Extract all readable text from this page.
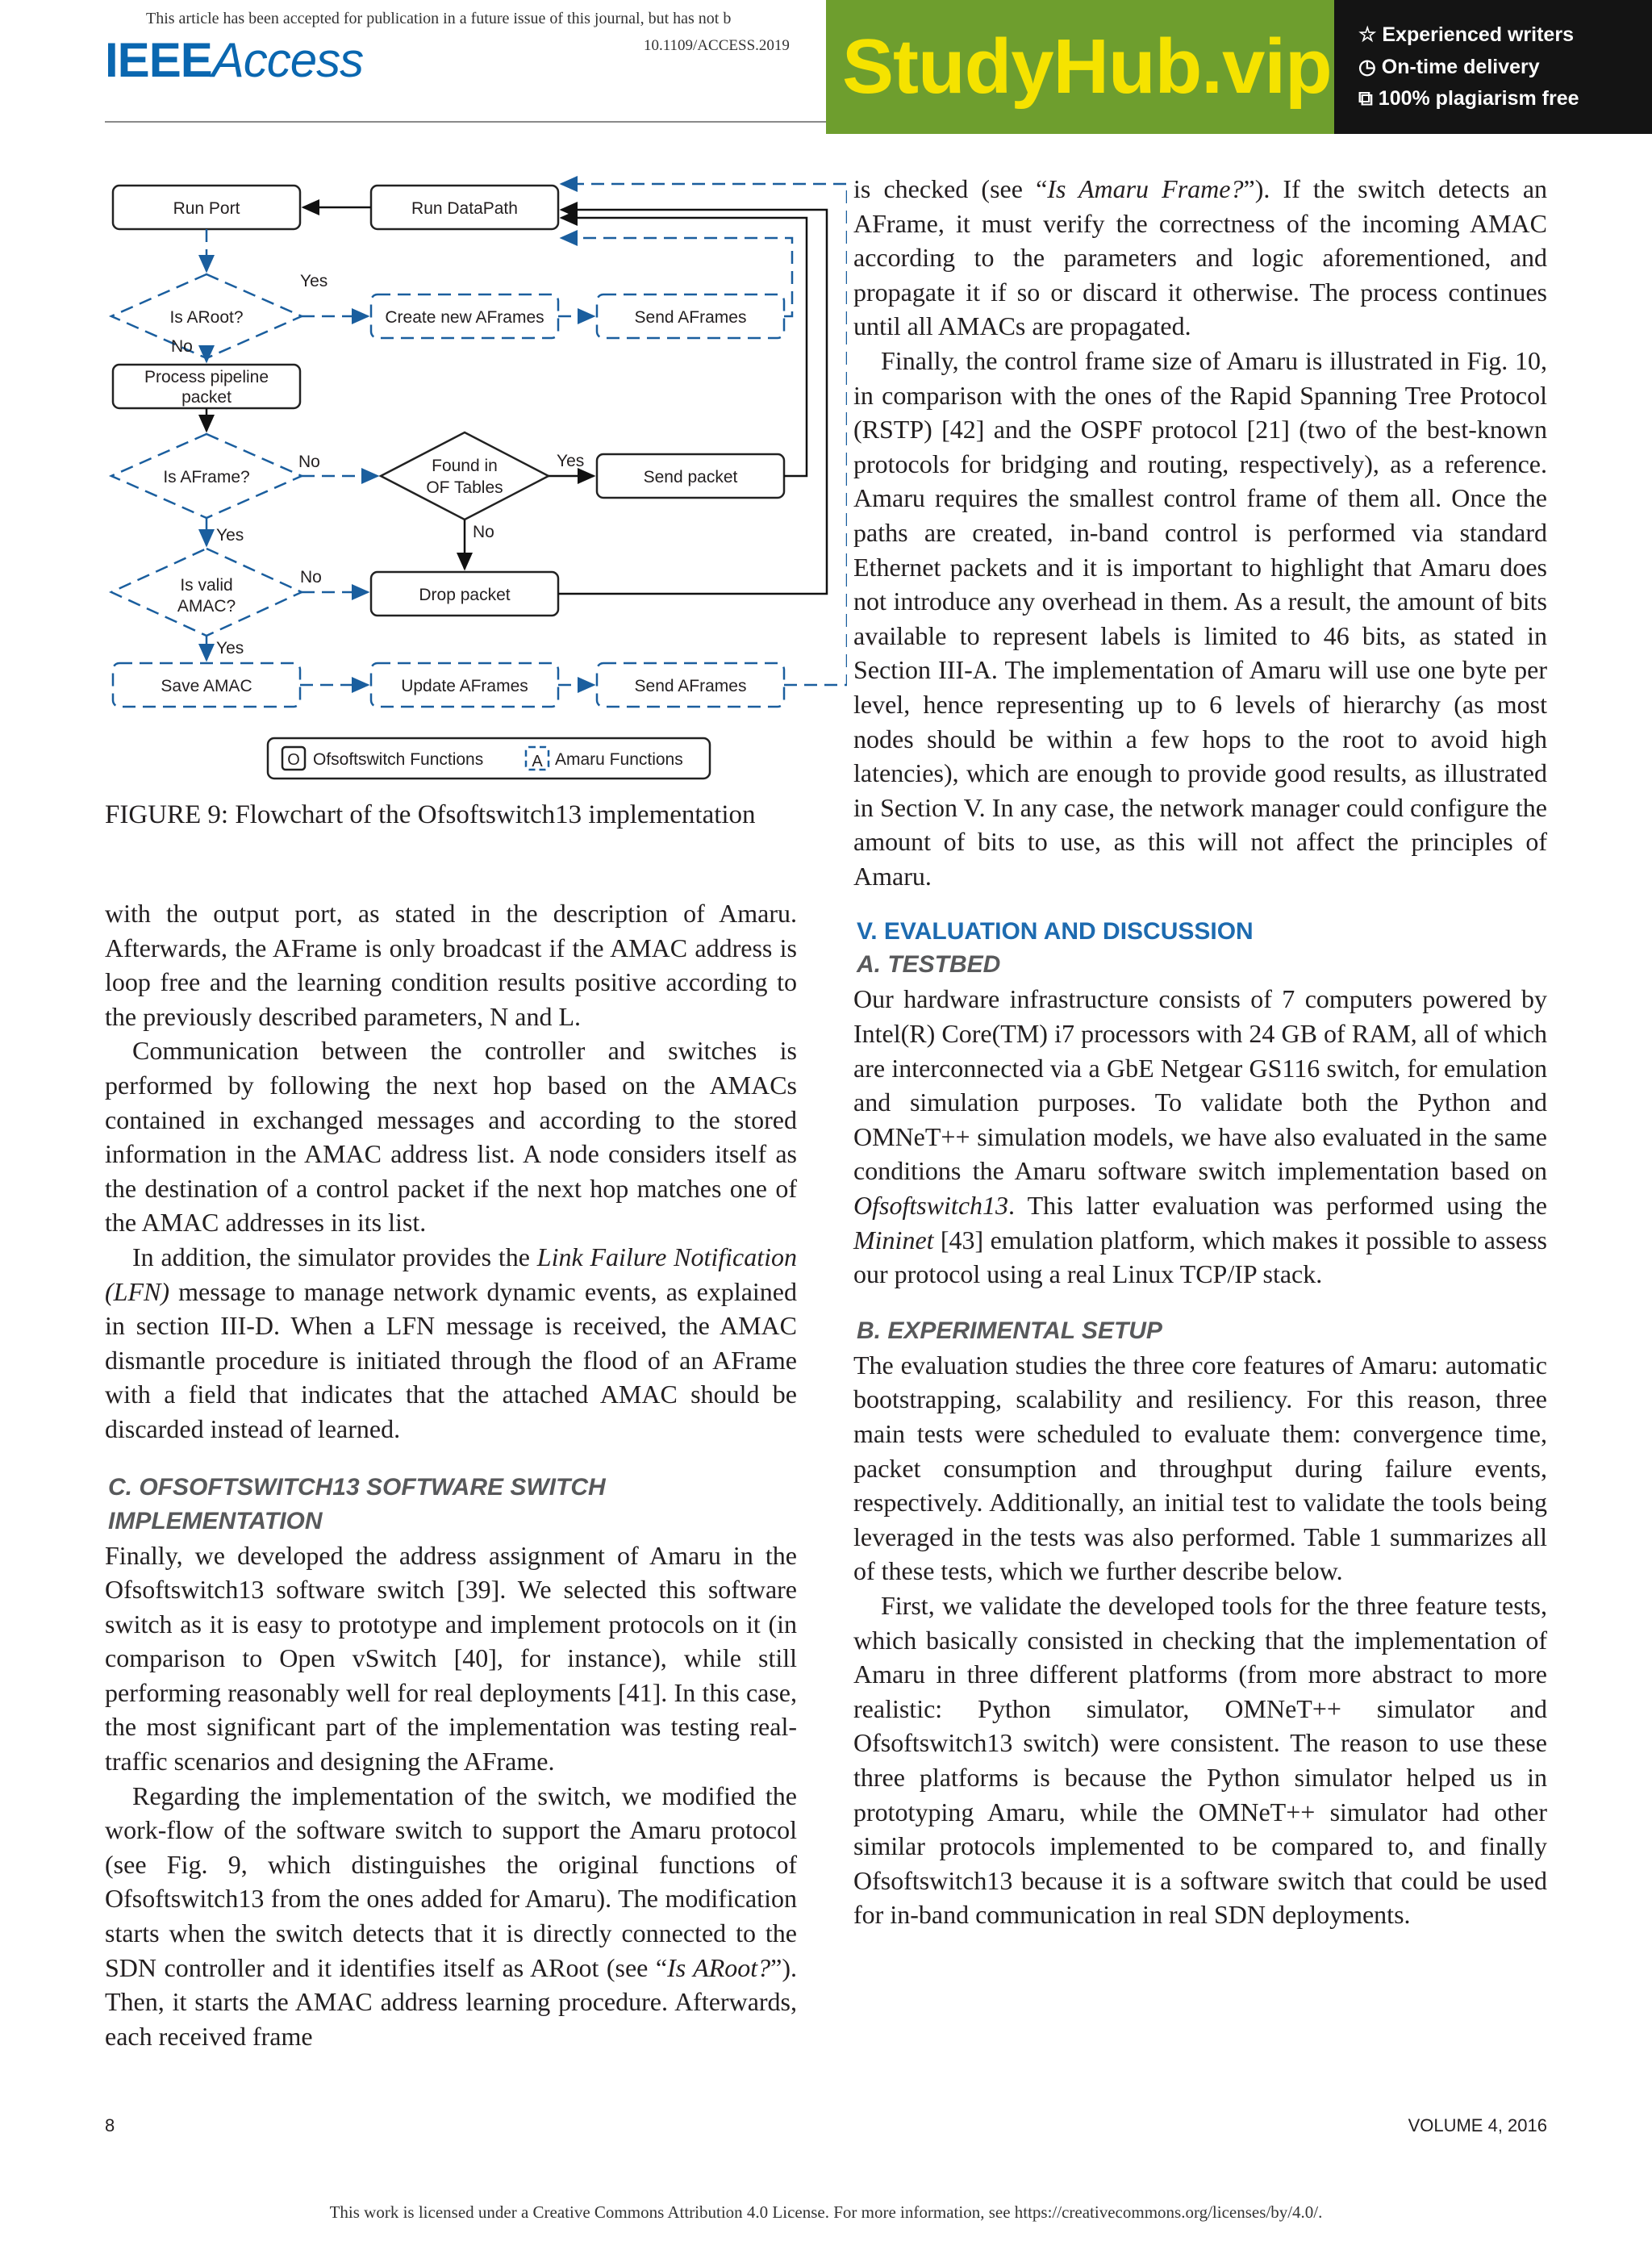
This article has been accepted for publication in a future issue of this journal, but has not b
10.1109/ACCESS.2019
IEEEAccess	StudyHub.vip ☆ Experienced writers
◷ On-time delivery
⧉ 100% plagiarism free
Run Port	Run DataPath
Is ARoot?	Create new AFrames	Send AFrames
Process pipeline
packet
Is AFrame?
Found in
OF Tables
Send packet
Is valid
AMAC?
Drop packet
Save AMAC	Update AFrames	Send AFrames
Yes
No
No	Yes
No
Yes
No
Yes
O Ofsoftswitch Functions	A Amaru Functions
FIGURE 9: Flowchart of the Ofsoftswitch13 implementation

with the output port, as stated in the description of Amaru. Afterwards, the AFrame is only broadcast if the AMAC address is loop free and the learning condition results positive according to the previously described parameters, N and L.

Communication between the controller and switches is performed by following the next hop based on the AMACs contained in exchanged messages and according to the stored information in the AMAC address list. A node considers itself as the destination of a control packet if the next hop matches one of the AMAC addresses in its list.

In addition, the simulator provides the Link Failure Notification (LFN) message to manage network dynamic events, as explained in section III-D. When a LFN message is received, the AMAC dismantle procedure is initiated through the flood of an AFrame with a field that indicates that the attached AMAC should be discarded instead of learned.

C. OFSOFTSWITCH13 SOFTWARE SWITCH IMPLEMENTATION

Finally, we developed the address assignment of Amaru in the Ofsoftswitch13 software switch [39]. We selected this software switch as it is easy to prototype and implement protocols on it (in comparison to Open vSwitch [40], for instance), while still performing reasonably well for real deployments [41]. In this case, the most significant part of the implementation was testing real-traffic scenarios and designing the AFrame.

Regarding the implementation of the switch, we modified the work-flow of the software switch to support the Amaru protocol (see Fig. 9, which distinguishes the original functions of Ofsoftswitch13 from the ones added for Amaru). The modification starts when the switch detects that it is directly connected to the SDN controller and it identifies itself as ARoot (see “Is ARoot?”). Then, it starts the AMAC address learning procedure. Afterwards, each received frame

is checked (see “Is Amaru Frame?”). If the switch detects an AFrame, it must verify the correctness of the incoming AMAC according to the parameters and logic aforementioned, and propagate it if so or discard it otherwise. The process continues until all AMACs are propagated.

Finally, the control frame size of Amaru is illustrated in Fig. 10, in comparison with the ones of the Rapid Spanning Tree Protocol (RSTP) [42] and the OSPF protocol [21] (two of the best-known protocols for bridging and routing, respectively), as a reference. Amaru requires the smallest control frame of them all. Once the paths are created, in-band control is performed via standard Ethernet packets and it is important to highlight that Amaru does not introduce any overhead in them. As a result, the amount of bits available to represent labels is limited to 46 bits, as stated in Section III-A. The implementation of Amaru will use one byte per level, hence representing up to 6 levels of hierarchy (as most nodes should be within a few hops to the root to avoid high latencies), which are enough to provide good results, as illustrated in Section V. In any case, the network manager could configure the amount of bits to use, as this will not affect the principles of Amaru.

V. EVALUATION AND DISCUSSION
A. TESTBED

Our hardware infrastructure consists of 7 computers powered by Intel(R) Core(TM) i7 processors with 24 GB of RAM, all of which are interconnected via a GbE Netgear GS116 switch, for emulation and simulation purposes. To validate both the Python and OMNeT++ simulation models, we have also evaluated in the same conditions the Amaru software switch implementation based on Ofsoftswitch13. This latter evaluation was performed using the Mininet [43] emulation platform, which makes it possible to assess our protocol using a real Linux TCP/IP stack.

B. EXPERIMENTAL SETUP

The evaluation studies the three core features of Amaru: automatic bootstrapping, scalability and resiliency. For this reason, three main tests were scheduled to evaluate them: convergence time, packet consumption and throughput during failure events, respectively. Additionally, an initial test to validate the tools being leveraged in the tests was also performed. Table 1 summarizes all of these tests, which we further describe below.

First, we validate the developed tools for the three feature tests, which basically consisted in checking that the implementation of Amaru in three different platforms (from more abstract to more realistic: Python simulator, OMNeT++ simulator and Ofsoftswitch13 switch) were consistent. The reason to use these three platforms is because the Python simulator helped us in prototyping Amaru, while the OMNeT++ simulator had other similar protocols implemented to be compared to, and finally Ofsoftswitch13 because it is a software switch that could be used for in-band communication in real SDN deployments.

8	VOLUME 4, 2016
This work is licensed under a Creative Commons Attribution 4.0 License. For more information, see https://creativecommons.org/licenses/by/4.0/.
